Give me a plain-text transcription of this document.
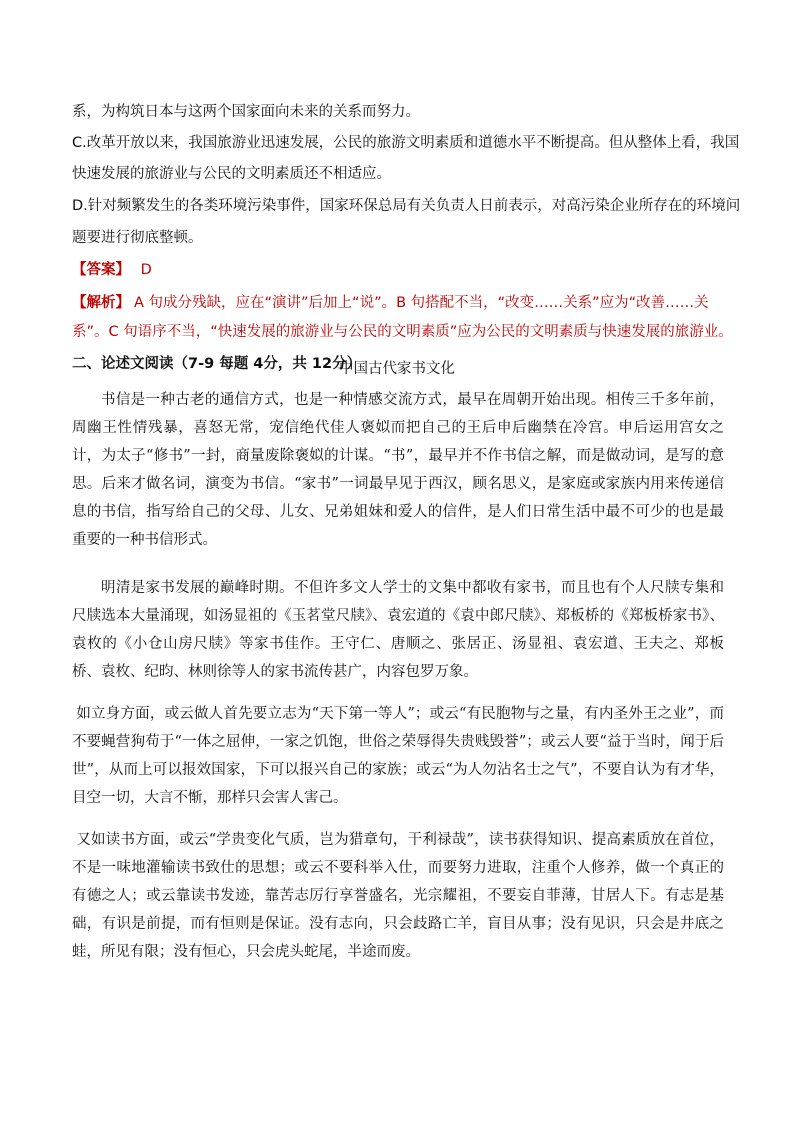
系，为构筑日本与这两个国家面向未来的关系而努力。
C.改革开放以来，我国旅游业迅速发展，公民的旅游文明素质和道德水平不断提高。但从整体上看，我国
快速发展的旅游业与公民的文明素质还不相适应。
D.针对频繁发生的各类环境污染事件，国家环保总局有关负责人日前表示，对高污染企业所存在的环境问
题要进行彻底整顿。
【答案】 D
【解析】 A 句成分残缺，应在“演讲”后加上“说”。B 句搭配不当，“改变……关系”应为“改善……关
系”。C 句语序不当，“快速发展的旅游业与公民的文明素质”应为公民的文明素质与快速发展的旅游业。
二、论述文阅读（7-9 每题 4分，共 12分）
中国古代家书文化

书信是一种古老的通信方式，也是一种情感交流方式，最早在周朝开始出现。相传三千多年前，周幽王性情残暴，喜怒无常，宠信绝代佳人褒姒而把自己的王后申后幽禁在冷宫。申后运用宫女之计，为太子“修书”一封，商量废除褒姒的计谋。“书”，最早并不作书信之解，而是做动词，是写的意思。后来才做名词，演变为书信。“家书”一词最早见于西汉，顾名思义，是家庭或家族内用来传递信息的书信，指写给自己的父母、儿女、兄弟姐妹和爱人的信件，是人们日常生活中最不可少的也是最重要的一种书信形式。

明清是家书发展的巅峰时期。不但许多文人学士的文集中都收有家书，而且也有个人尺牍专集和尺牍选本大量涌现，如汤显祖的《玉茗堂尺牍》、袁宏道的《袁中郎尺牍》、郑板桥的《郑板桥家书》、袁枚的《小仓山房尺牍》等家书佳作。王守仁、唐顺之、张居正、汤显祖、袁宏道、王夫之、郑板桥、袁枚、纪昀、林则徐等人的家书流传甚广，内容包罗万象。

如立身方面，或云做人首先要立志为“天下第一等人”；或云“有民胞物与之量，有内圣外王之业”，而不要蝇营狗苟于“一体之屈伸，一家之饥饱，世俗之荣辱得失贵贱毁誉”；或云人要“益于当时，闻于后世”，从而上可以报效国家，下可以报兴自己的家族；或云“为人勿沾名士之气”，不要自认为有才华，目空一切，大言不惭，那样只会害人害己。

又如读书方面，或云“学贵变化气质，岂为猎章句，干利禄哉”，读书获得知识、提高素质放在首位，不是一味地灌输读书致仕的思想；或云不要科举入仕，而要努力进取，注重个人修养，做一个真正的有德之人；或云靠读书发迹，靠苦志厉行享誉盛名，光宗耀祖，不要妄自菲薄，甘居人下。有志是基础，有识是前提，而有恒则是保证。没有志向，只会歧路亡羊，盲目从事；没有见识，只会是井底之蛙，所见有限；没有恒心，只会虎头蛇尾，半途而废。
